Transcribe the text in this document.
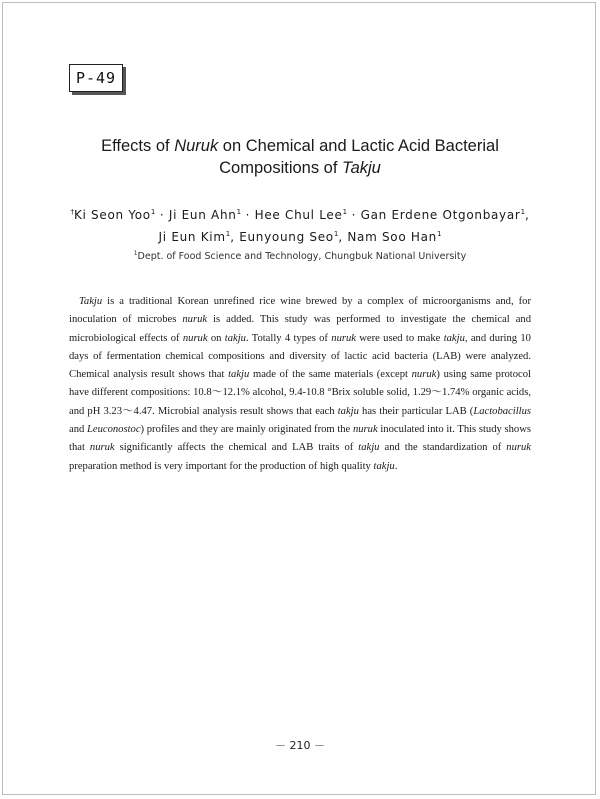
P-49
Effects of Nuruk on Chemical and Lactic Acid Bacterial
Compositions of Takju
†Ki Seon Yoo$^1$ · Ji Eun Ahn$^1$ · Hee Chul Lee$^1$ · Gan Erdene Otgonbayar$^1$,
Ji Eun Kim$^1$, Eunyoung Seo$^1$, Nam Soo Han$^1$
$^1$Dept. of Food Science and Technology, Chungbuk National University

Takju is a traditional Korean unrefined rice wine brewed by a complex of microorganisms and, for inoculation of microbes nuruk is added. This study was performed to investigate the chemical and microbiological effects of nuruk on takju. Totally 4 types of nuruk were used to make takju, and during 10 days of fermentation chemical compositions and diversity of lactic acid bacteria (LAB) were analyzed. Chemical analysis result shows that takju made of the same materials (except nuruk) using same protocol have different compositions: 10.8～12.1% alcohol, 9.4-10.8 °Brix soluble solid, 1.29～1.74% organic acids, and pH 3.23～4.47. Microbial analysis result shows that each takju has their particular LAB (Lactobacillus and Leuconostoc) profiles and they are mainly originated from the nuruk inoculated into it. This study shows that nuruk significantly affects the chemical and LAB traits of takju and the standardization of nuruk preparation method is very important for the production of high quality takju.

－ 210 －
